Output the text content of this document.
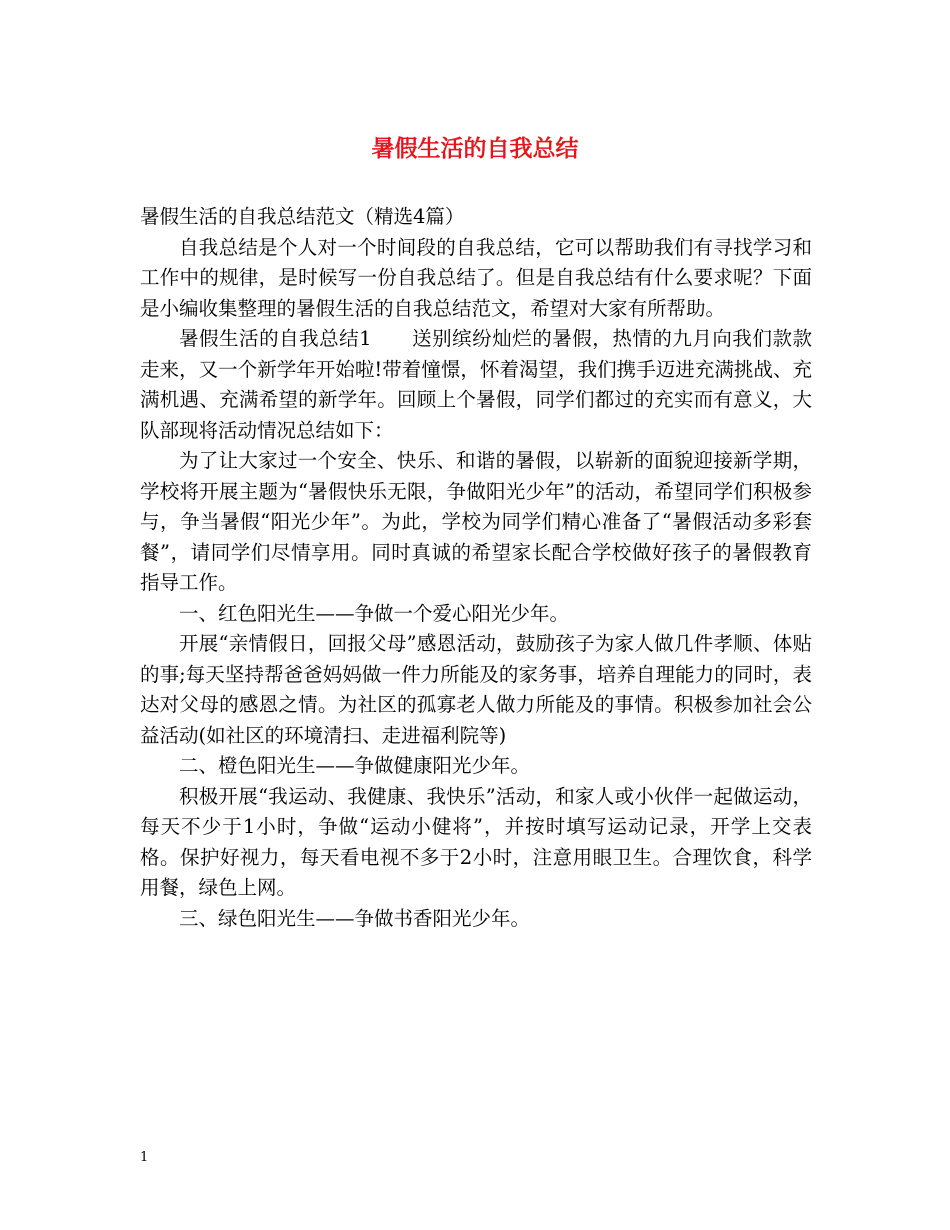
暑假生活的自我总结

暑假生活的自我总结范文（精选4篇）

自我总结是个人对一个时间段的自我总结，它可以帮助我们有寻找学习和工作中的规律，是时候写一份自我总结了。但是自我总结有什么要求呢？下面是小编收集整理的暑假生活的自我总结范文，希望对大家有所帮助。

暑假生活的自我总结1　　送别缤纷灿烂的暑假，热情的九月向我们款款走来，又一个新学年开始啦!带着憧憬，怀着渴望，我们携手迈进充满挑战、充满机遇、充满希望的新学年。回顾上个暑假，同学们都过的充实而有意义，大队部现将活动情况总结如下：

为了让大家过一个安全、快乐、和谐的暑假，以崭新的面貌迎接新学期，学校将开展主题为“暑假快乐无限，争做阳光少年”的活动，希望同学们积极参与，争当暑假“阳光少年”。为此，学校为同学们精心准备了“暑假活动多彩套餐”，请同学们尽情享用。同时真诚的希望家长配合学校做好孩子的暑假教育指导工作。

一、红色阳光生——争做一个爱心阳光少年。

开展“亲情假日，回报父母”感恩活动，鼓励孩子为家人做几件孝顺、体贴的事;每天坚持帮爸爸妈妈做一件力所能及的家务事，培养自理能力的同时，表达对父母的感恩之情。为社区的孤寡老人做力所能及的事情。积极参加社会公益活动(如社区的环境清扫、走进福利院等)

二、橙色阳光生——争做健康阳光少年。

积极开展“我运动、我健康、我快乐”活动，和家人或小伙伴一起做运动，每天不少于1小时，争做“运动小健将”，并按时填写运动记录，开学上交表格。保护好视力，每天看电视不多于2小时，注意用眼卫生。合理饮食，科学用餐，绿色上网。

三、绿色阳光生——争做书香阳光少年。

1
